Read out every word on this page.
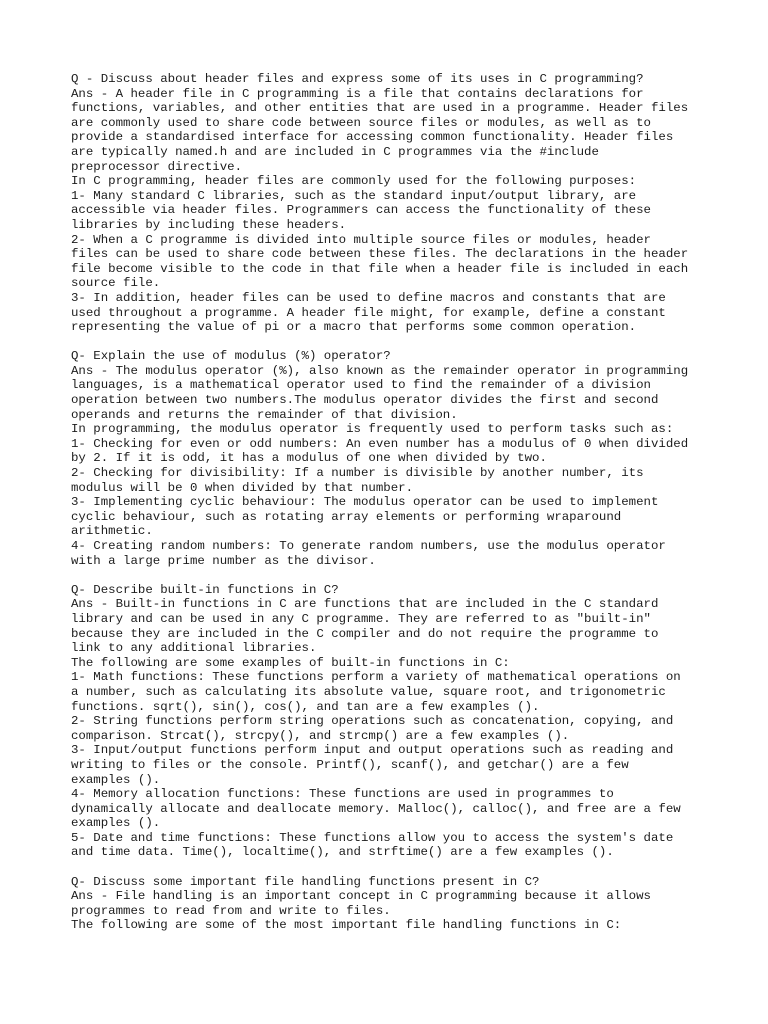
Q - Discuss about header files and express some of its uses in C programming?
Ans - A header file in C programming is a file that contains declarations for
functions, variables, and other entities that are used in a programme. Header files
are commonly used to share code between source files or modules, as well as to
provide a standardised interface for accessing common functionality. Header files
are typically named.h and are included in C programmes via the #include
preprocessor directive.
In C programming, header files are commonly used for the following purposes:
1- Many standard C libraries, such as the standard input/output library, are
accessible via header files. Programmers can access the functionality of these
libraries by including these headers.
2- When a C programme is divided into multiple source files or modules, header
files can be used to share code between these files. The declarations in the header
file become visible to the code in that file when a header file is included in each
source file.
3- In addition, header files can be used to define macros and constants that are
used throughout a programme. A header file might, for example, define a constant
representing the value of pi or a macro that performs some common operation.
Q- Explain the use of modulus (%) operator?
Ans - The modulus operator (%), also known as the remainder operator in programming
languages, is a mathematical operator used to find the remainder of a division
operation between two numbers.The modulus operator divides the first and second
operands and returns the remainder of that division.
In programming, the modulus operator is frequently used to perform tasks such as:
1- Checking for even or odd numbers: An even number has a modulus of 0 when divided
by 2. If it is odd, it has a modulus of one when divided by two.
2- Checking for divisibility: If a number is divisible by another number, its
modulus will be 0 when divided by that number.
3- Implementing cyclic behaviour: The modulus operator can be used to implement
cyclic behaviour, such as rotating array elements or performing wraparound
arithmetic.
4- Creating random numbers: To generate random numbers, use the modulus operator
with a large prime number as the divisor.
Q- Describe built-in functions in C?
Ans - Built-in functions in C are functions that are included in the C standard
library and can be used in any C programme. They are referred to as "built-in"
because they are included in the C compiler and do not require the programme to
link to any additional libraries.
The following are some examples of built-in functions in C:
1- Math functions: These functions perform a variety of mathematical operations on
a number, such as calculating its absolute value, square root, and trigonometric
functions. sqrt(), sin(), cos(), and tan are a few examples ().
2- String functions perform string operations such as concatenation, copying, and
comparison. Strcat(), strcpy(), and strcmp() are a few examples ().
3- Input/output functions perform input and output operations such as reading and
writing to files or the console. Printf(), scanf(), and getchar() are a few
examples ().
4- Memory allocation functions: These functions are used in programmes to
dynamically allocate and deallocate memory. Malloc(), calloc(), and free are a few
examples ().
5- Date and time functions: These functions allow you to access the system's date
and time data. Time(), localtime(), and strftime() are a few examples ().
Q- Discuss some important file handling functions present in C?
Ans - File handling is an important concept in C programming because it allows
programmes to read from and write to files.
The following are some of the most important file handling functions in C:
